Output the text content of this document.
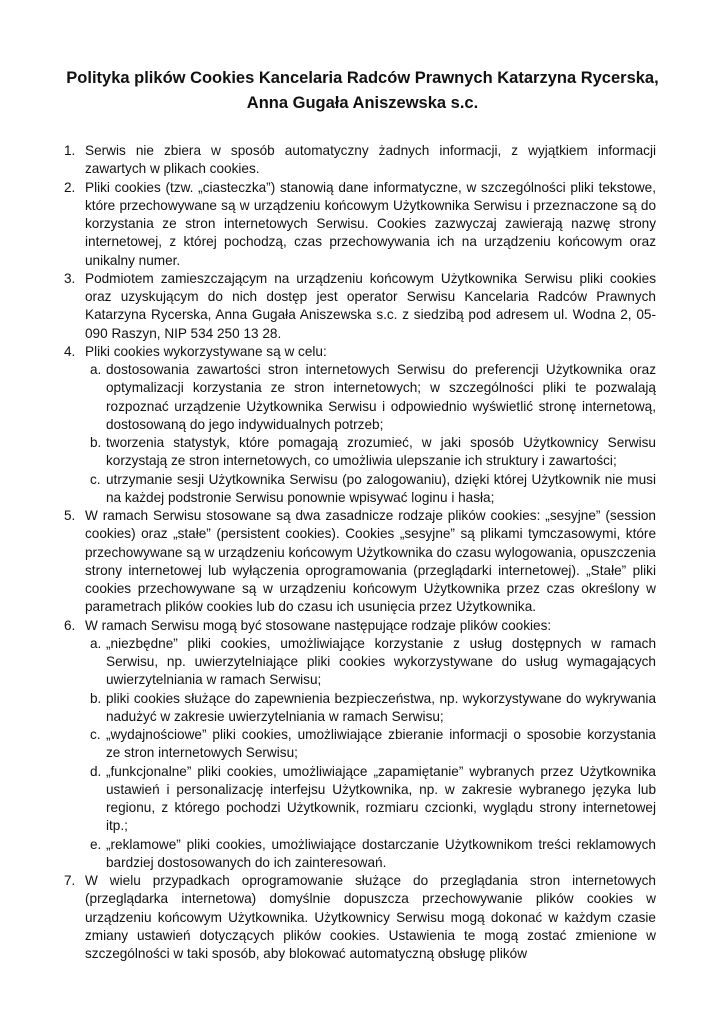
Polityka plików Cookies Kancelaria Radców Prawnych Katarzyna Rycerska, Anna Gugała Aniszewska s.c.
1. Serwis nie zbiera w sposób automatyczny żadnych informacji, z wyjątkiem informacji zawartych w plikach cookies.
2. Pliki cookies (tzw. „ciasteczka”) stanowią dane informatyczne, w szczególności pliki tekstowe, które przechowywane są w urządzeniu końcowym Użytkownika Serwisu i przeznaczone są do korzystania ze stron internetowych Serwisu. Cookies zazwyczaj zawierają nazwę strony internetowej, z której pochodzą, czas przechowywania ich na urządzeniu końcowym oraz unikalny numer.
3. Podmiotem zamieszczającym na urządzeniu końcowym Użytkownika Serwisu pliki cookies oraz uzyskującym do nich dostęp jest operator Serwisu Kancelaria Radców Prawnych Katarzyna Rycerska, Anna Gugała Aniszewska s.c. z siedzibą pod adresem ul. Wodna 2, 05-090 Raszyn, NIP 534 250 13 28.
4. Pliki cookies wykorzystywane są w celu:
a. dostosowania zawartości stron internetowych Serwisu do preferencji Użytkownika oraz optymalizacji korzystania ze stron internetowych; w szczególności pliki te pozwalają rozpoznać urządzenie Użytkownika Serwisu i odpowiednio wyświetlić stronę internetową, dostosowaną do jego indywidualnych potrzeb;
b. tworzenia statystyk, które pomagają zrozumieć, w jaki sposób Użytkownicy Serwisu korzystają ze stron internetowych, co umożliwia ulepszanie ich struktury i zawartości;
c. utrzymanie sesji Użytkownika Serwisu (po zalogowaniu), dzięki której Użytkownik nie musi na każdej podstronie Serwisu ponownie wpisywać loginu i hasła;
5. W ramach Serwisu stosowane są dwa zasadnicze rodzaje plików cookies: „sesyjne” (session cookies) oraz „stałe” (persistent cookies). Cookies „sesyjne” są plikami tymczasowymi, które przechowywane są w urządzeniu końcowym Użytkownika do czasu wylogowania, opuszczenia strony internetowej lub wyłączenia oprogramowania (przeglądarki internetowej). „Stałe” pliki cookies przechowywane są w urządzeniu końcowym Użytkownika przez czas określony w parametrach plików cookies lub do czasu ich usunięcia przez Użytkownika.
6. W ramach Serwisu mogą być stosowane następujące rodzaje plików cookies:
a. „niezbędne” pliki cookies, umożliwiające korzystanie z usług dostępnych w ramach Serwisu, np. uwierzytelniające pliki cookies wykorzystywane do usług wymagających uwierzytelniania w ramach Serwisu;
b. pliki cookies służące do zapewnienia bezpieczeństwa, np. wykorzystywane do wykrywania nadużyć w zakresie uwierzytelniania w ramach Serwisu;
c. „wydajnościowe” pliki cookies, umożliwiające zbieranie informacji o sposobie korzystania ze stron internetowych Serwisu;
d. „funkcjonalne” pliki cookies, umożliwiające „zapamiętanie” wybranych przez Użytkownika ustawień i personalizację interfejsu Użytkownika, np. w zakresie wybranego języka lub regionu, z którego pochodzi Użytkownik, rozmiaru czcionki, wyglądu strony internetowej itp.;
e. „reklamowe” pliki cookies, umożliwiające dostarczanie Użytkownikom treści reklamowych bardziej dostosowanych do ich zainteresowań.
7. W wielu przypadkach oprogramowanie służące do przeglądania stron internetowych (przeglądarka internetowa) domyślnie dopuszcza przechowywanie plików cookies w urządzeniu końcowym Użytkownika. Użytkownicy Serwisu mogą dokonać w każdym czasie zmiany ustawień dotyczących plików cookies. Ustawienia te mogą zostać zmienione w szczególności w taki sposób, aby blokować automatyczną obsługę plików
